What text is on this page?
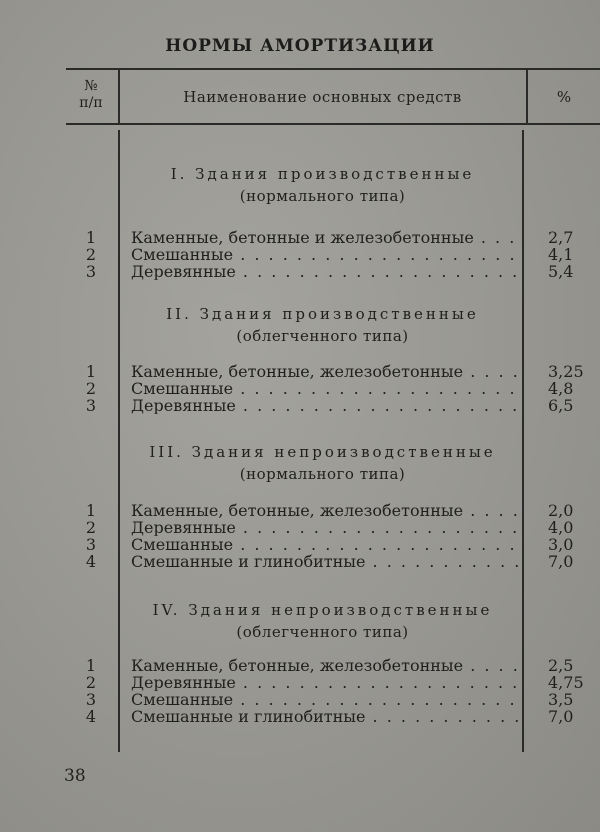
НОРМЫ АМОРТИЗАЦИИ
№
п/п	Наименование основных средств	%
I. Здания производственные
(нормального типа)
1	Каменные, бетонные и железобетонные . . .	2,7
2	Смешанные . . .	4,1
3	Деревянные . . .	5,4
II. Здания производственные
(облегченного типа)
1	Каменные, бетонные, железобетонные . . .	3,25
2	Смешанные . . .	4,8
3	Деревянные . . .	6,5
III. Здания непроизводственные
(нормального типа)
1	Каменные, бетонные, железобетонные . . .	2,0
2	Деревянные . . .	4,0
3	Смешанные . . .	3,0
4	Смешанные и глинобитные . . .	7,0
IV. Здания непроизводственные
(облегченного типа)
1	Каменные, бетонные, железобетонные . . .	2,5
2	Деревянные . . .	4,75
3	Смешанные . . .	3,5
4	Смешанные и глинобитные . . .	7,0
38
